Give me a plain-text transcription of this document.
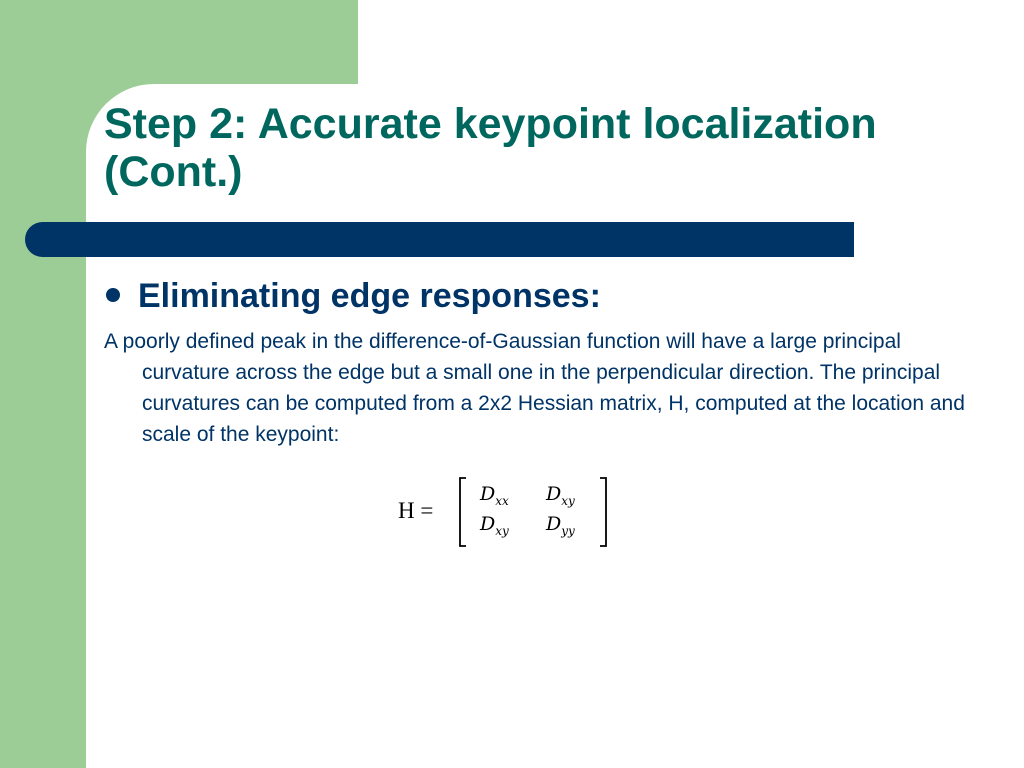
Step 2: Accurate keypoint localization
(Cont.)
Eliminating edge responses:

A poorly defined peak in the difference-of-Gaussian function will have a large principal curvature across the edge but a small one in the perpendicular direction. The principal curvatures can be computed from a 2x2 Hessian matrix, H, computed at the location and scale of the keypoint:

H =
$D_{xx}$ $D_{xy}$
$D_{xy}$ $D_{yy}$
